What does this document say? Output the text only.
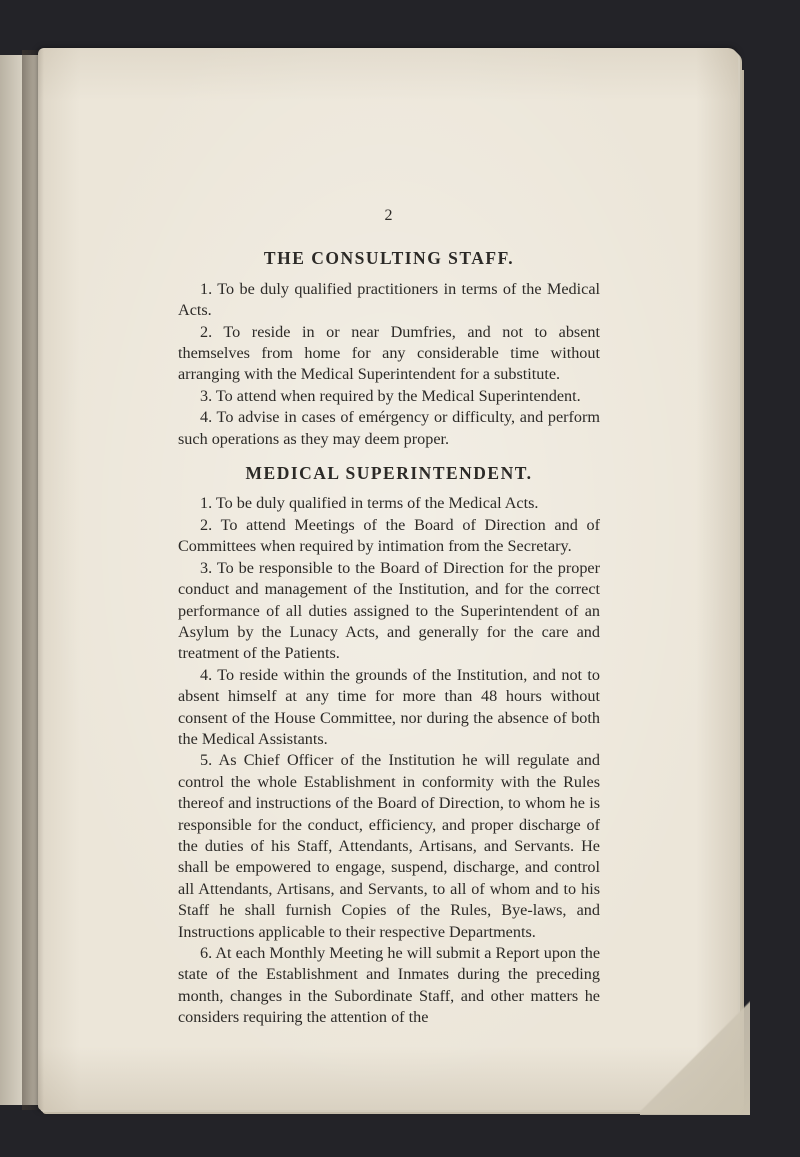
2
THE CONSULTING STAFF.

1. To be duly qualified practitioners in terms of the Medical Acts.

2. To reside in or near Dumfries, and not to absent themselves from home for any considerable time without arranging with the Medical Superintendent for a substitute.

3. To attend when required by the Medical Superintendent.

4. To advise in cases of emérgency or difficulty, and perform such operations as they may deem proper.

MEDICAL SUPERINTENDENT.

1. To be duly qualified in terms of the Medical Acts.

2. To attend Meetings of the Board of Direction and of Committees when required by intimation from the Secretary.

3. To be responsible to the Board of Direction for the proper conduct and management of the Institution, and for the correct performance of all duties assigned to the Superintendent of an Asylum by the Lunacy Acts, and generally for the care and treatment of the Patients.

4. To reside within the grounds of the Institution, and not to absent himself at any time for more than 48 hours without consent of the House Committee, nor during the absence of both the Medical Assistants.

5. As Chief Officer of the Institution he will regulate and control the whole Establishment in conformity with the Rules thereof and instructions of the Board of Direction, to whom he is responsible for the conduct, efficiency, and proper discharge of the duties of his Staff, Attendants, Artisans, and Servants. He shall be empowered to engage, suspend, discharge, and control all Attendants, Artisans, and Servants, to all of whom and to his Staff he shall furnish Copies of the Rules, Bye-laws, and Instructions applicable to their respective Departments.

6. At each Monthly Meeting he will submit a Report upon the state of the Establishment and Inmates during the preceding month, changes in the Subordinate Staff, and other matters he considers requiring the attention of the
